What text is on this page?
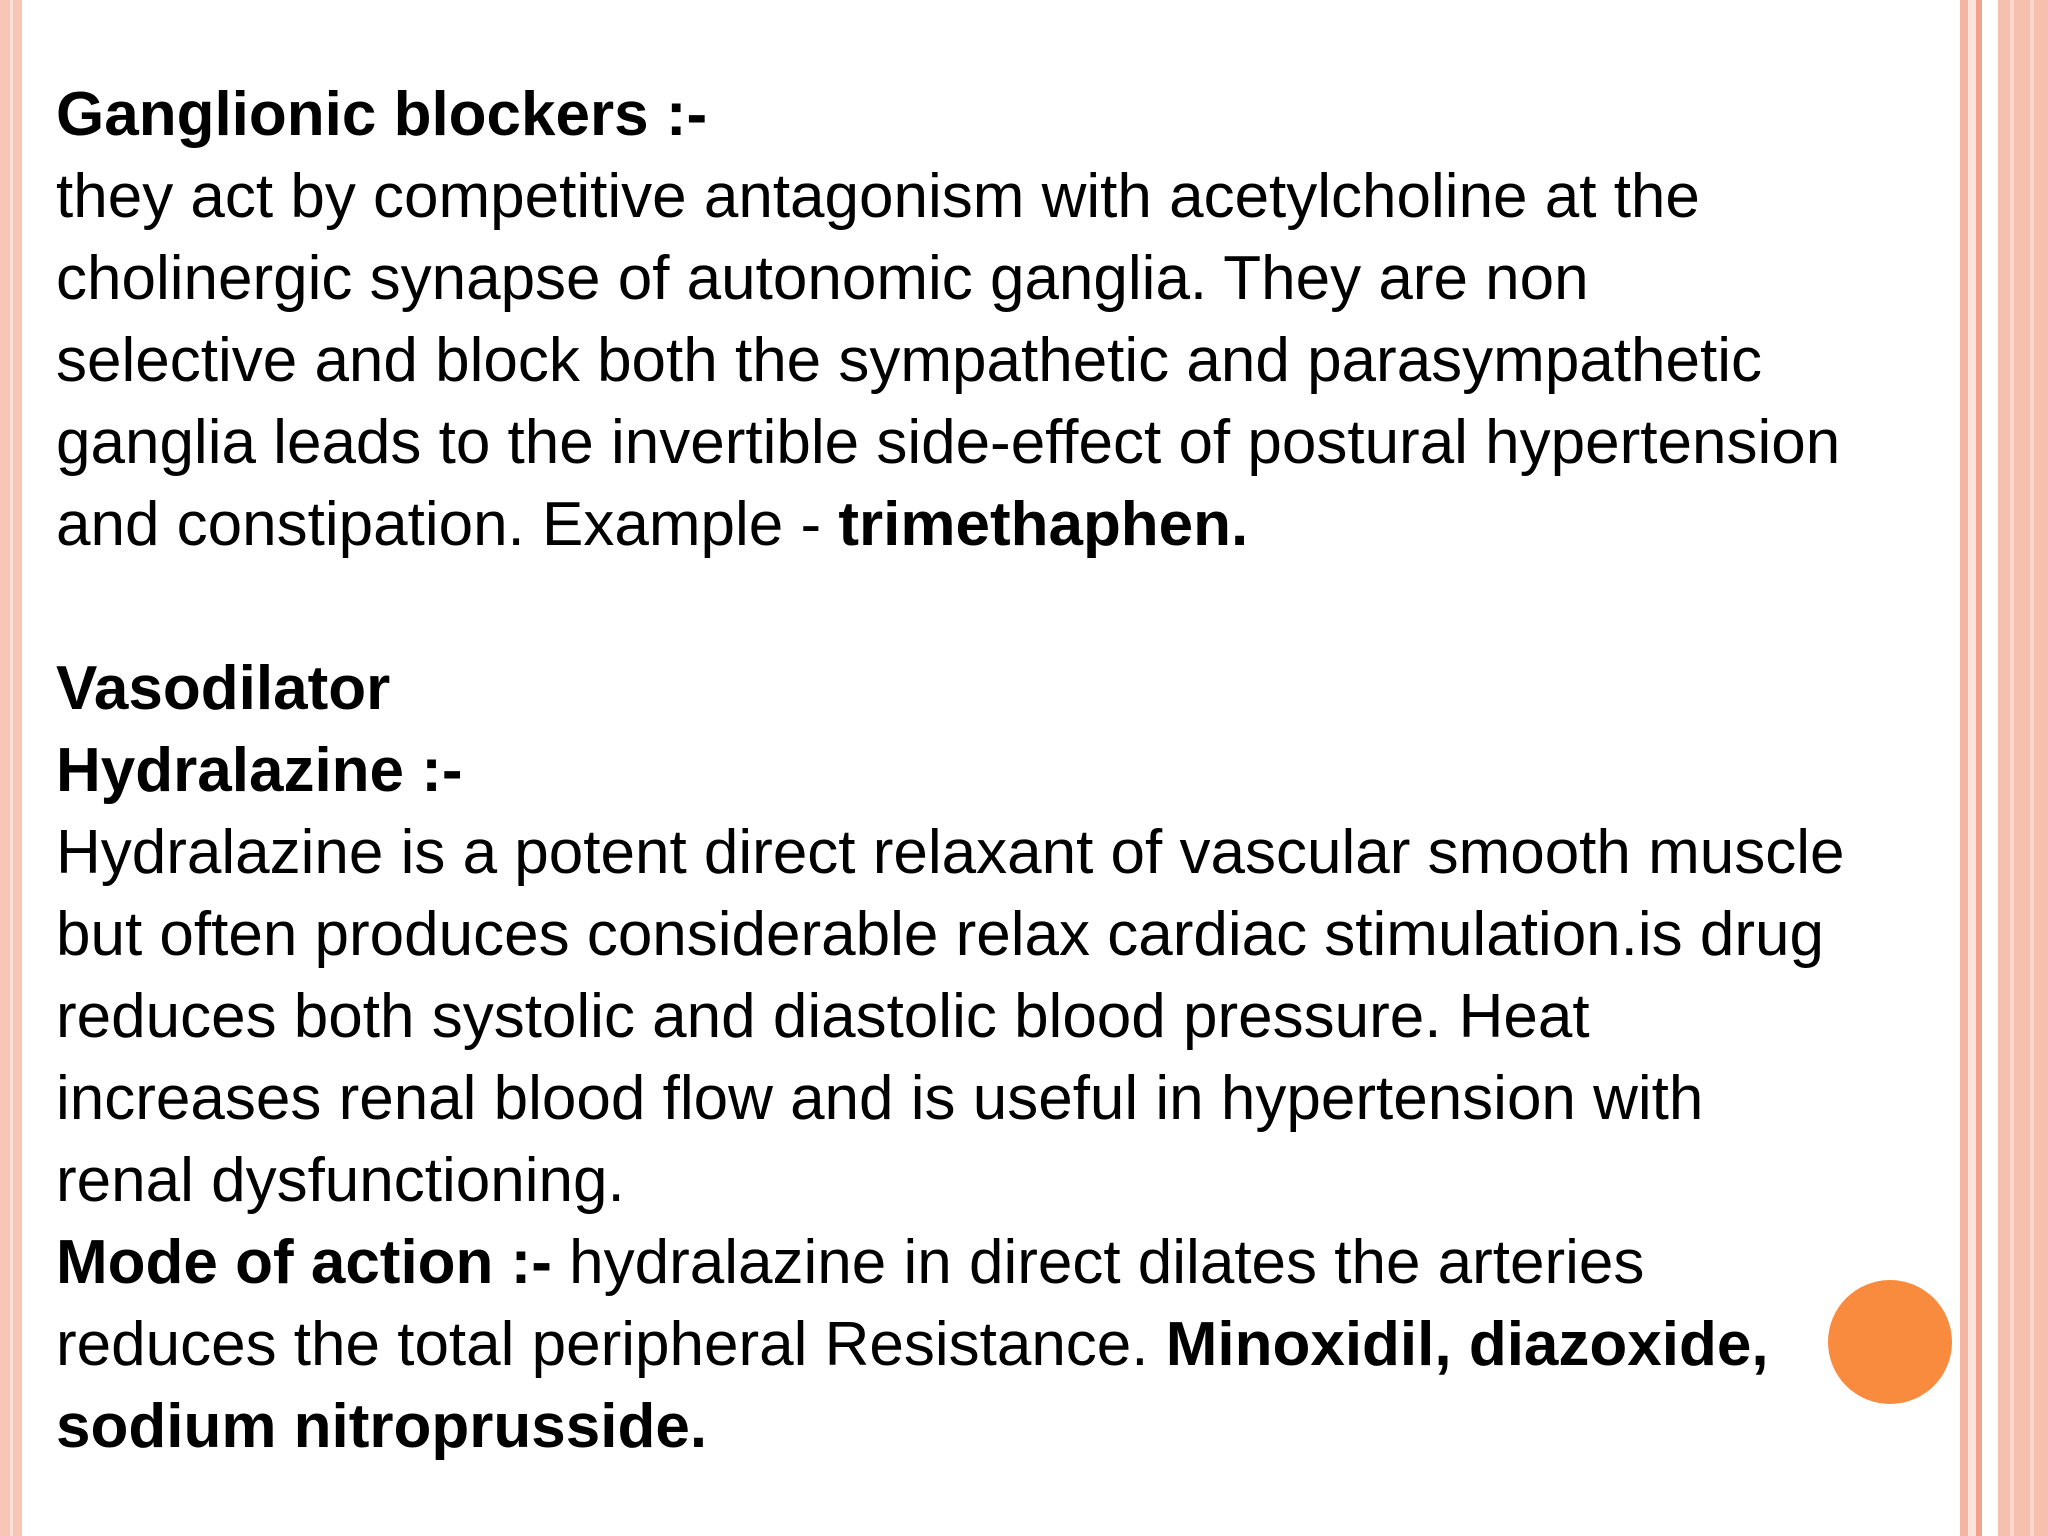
Ganglionic blockers :-

they act by competitive antagonism with acetylcholine at the

cholinergic synapse of autonomic ganglia. They are non

selective and block both the sympathetic and parasympathetic

ganglia leads to the invertible side-effect of postural hypertension

and constipation. Example - trimethaphen.

Vasodilator

Hydralazine :-

Hydralazine is a potent direct relaxant of vascular smooth muscle

but often produces considerable relax cardiac stimulation.is drug

reduces both systolic and diastolic blood pressure. Heat

increases renal blood flow and is useful in hypertension with

renal dysfunctioning.

Mode of action :- hydralazine in direct dilates the arteries

reduces the total peripheral Resistance. Minoxidil, diazoxide,

sodium nitroprusside.
